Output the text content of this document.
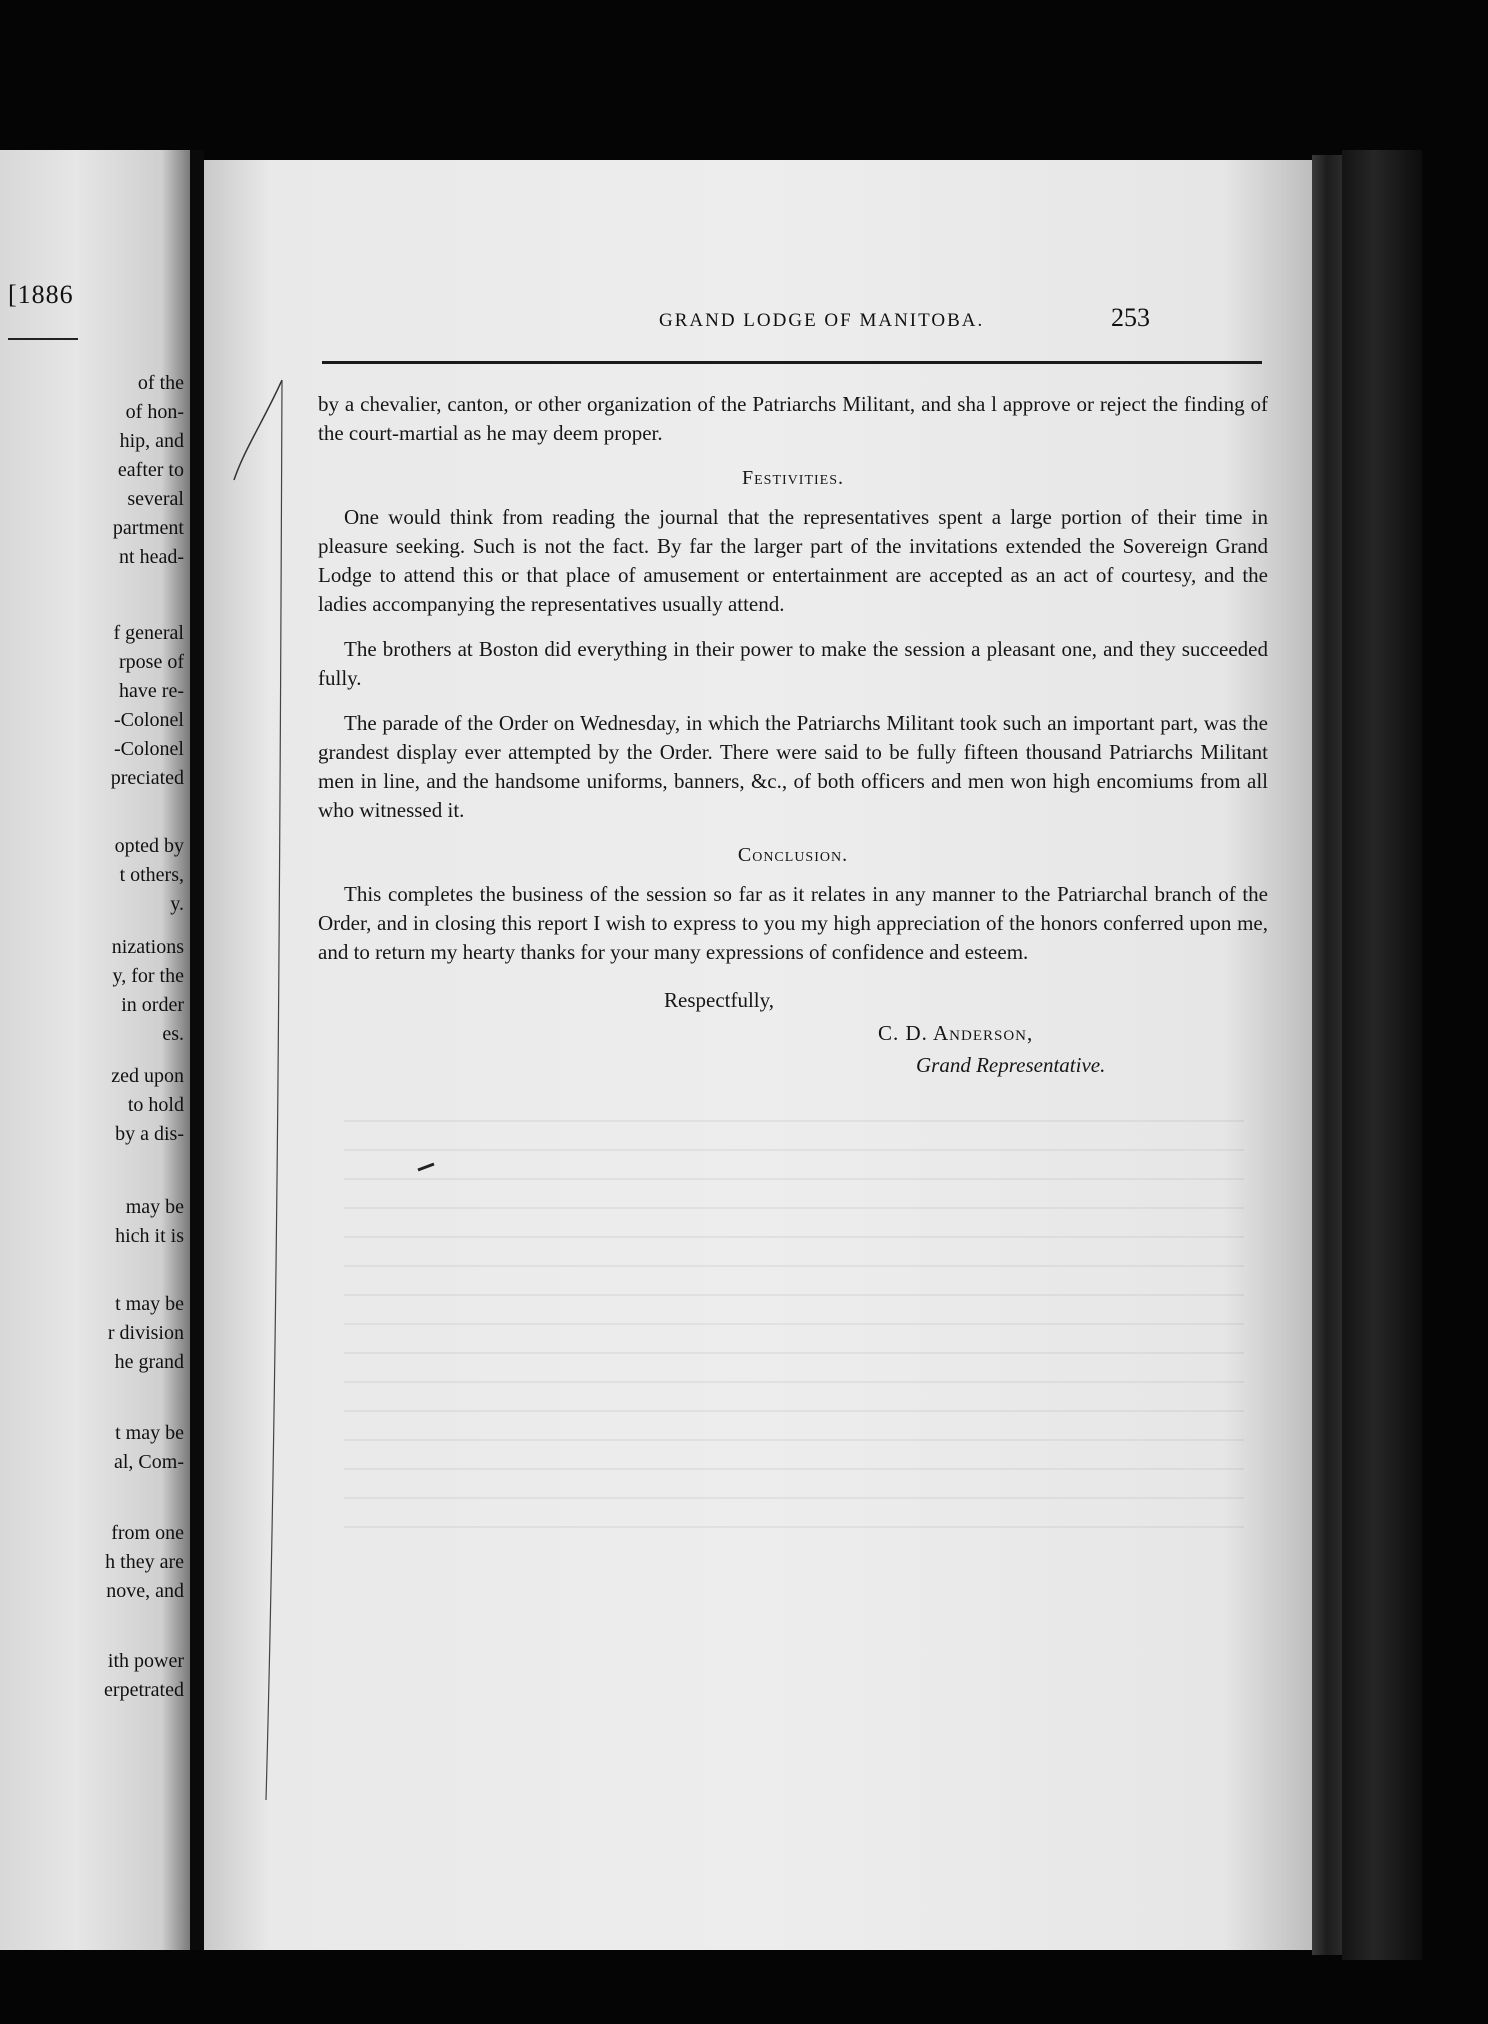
[1886
of the
of hon-
hip, and
eafter to
several
partment
nt head-
f general
rpose of
have re-
-Colonel
-Colonel
preciated
opted by
t others,
y.
nizations
y, for the
in order
es.
zed upon
to hold
by a dis-
may be
hich it is
t may be
r division
he grand
t may be
al, Com-
from one
h they are
nove, and
ith power
erpetrated
GRAND LODGE OF MANITOBA.	253

by a chevalier, canton, or other organization of the Patriarchs Militant, and sha l approve or reject the finding of the court-martial as he may deem proper.

Festivities.

One would think from reading the journal that the representatives spent a large portion of their time in pleasure seeking. Such is not the fact. By far the larger part of the invitations extended the Sovereign Grand Lodge to attend this or that place of amusement or entertainment are accepted as an act of courtesy, and the ladies accompanying the representatives usually attend.

The brothers at Boston did everything in their power to make the session a pleasant one, and they succeeded fully.

The parade of the Order on Wednesday, in which the Patriarchs Militant took such an important part, was the grandest display ever attempted by the Order. There were said to be fully fifteen thousand Patriarchs Militant men in line, and the handsome uniforms, banners, &c., of both officers and men won high encomiums from all who witnessed it.

Conclusion.

This completes the business of the session so far as it relates in any manner to the Patriarchal branch of the Order, and in closing this report I wish to express to you my high appreciation of the honors conferred upon me, and to return my hearty thanks for your many expressions of confidence and esteem.

Respectfully,
C. D. Anderson,
Grand Representative.
